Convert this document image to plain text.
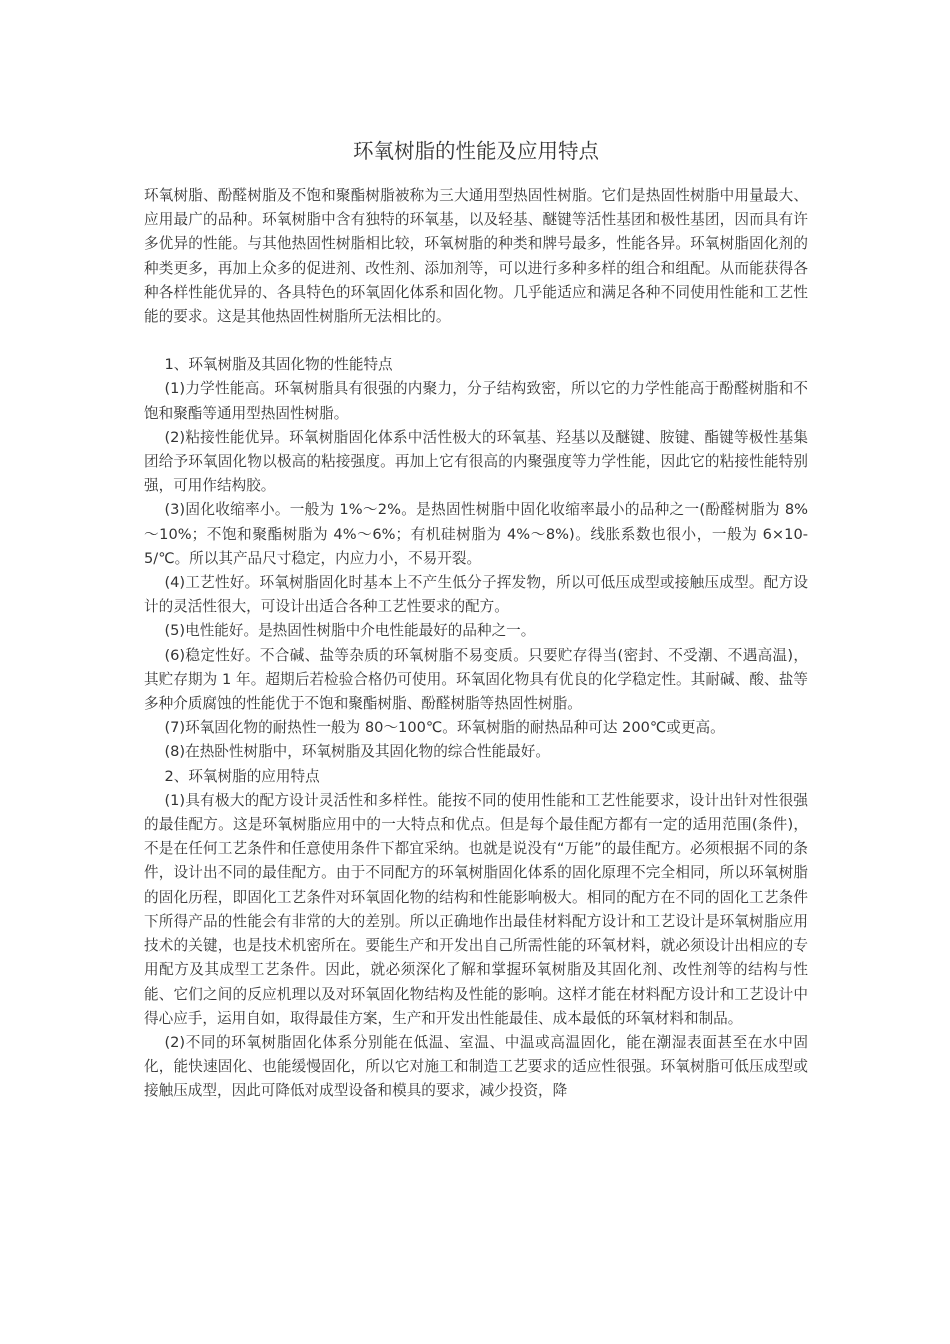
环氧树脂的性能及应用特点

环氧树脂、酚醛树脂及不饱和聚酯树脂被称为三大通用型热固性树脂。它们是热固性树脂中用量最大、应用最广的品种。环氧树脂中含有独特的环氧基，以及轻基、醚键等活性基团和极性基团，因而具有许多优异的性能。与其他热固性树脂相比较，环氧树脂的种类和牌号最多，性能各异。环氧树脂固化剂的种类更多，再加上众多的促进剂、改性剂、添加剂等，可以进行多种多样的组合和组配。从而能获得各种各样性能优异的、各具特色的环氧固化体系和固化物。几乎能适应和满足各种不同使用性能和工艺性能的要求。这是其他热固性树脂所无法相比的。

1、环氧树脂及其固化物的性能特点

(1)力学性能高。环氧树脂具有很强的内聚力，分子结构致密，所以它的力学性能高于酚醛树脂和不饱和聚酯等通用型热固性树脂。

(2)粘接性能优异。环氧树脂固化体系中活性极大的环氧基、羟基以及醚键、胺键、酯键等极性基集团给予环氧固化物以极高的粘接强度。再加上它有很高的内聚强度等力学性能，因此它的粘接性能特别强，可用作结构胶。

(3)固化收缩率小。一般为 1%～2%。是热固性树脂中固化收缩率最小的品种之一(酚醛树脂为 8%～10%；不饱和聚酯树脂为 4%～6%；有机硅树脂为 4%～8%)。线胀系数也很小，一般为 6×10-5/℃。所以其产品尺寸稳定，内应力小，不易开裂。

(4)工艺性好。环氧树脂固化时基本上不产生低分子挥发物，所以可低压成型或接触压成型。配方设计的灵活性很大，可设计出适合各种工艺性要求的配方。

(5)电性能好。是热固性树脂中介电性能最好的品种之一。

(6)稳定性好。不合碱、盐等杂质的环氧树脂不易变质。只要贮存得当(密封、不受潮、不遇高温)，其贮存期为 1 年。超期后若检验合格仍可使用。环氧固化物具有优良的化学稳定性。其耐碱、酸、盐等多种介质腐蚀的性能优于不饱和聚酯树脂、酚醛树脂等热固性树脂。

(7)环氧固化物的耐热性一般为 80～100℃。环氧树脂的耐热品种可达 200℃或更高。

(8)在热卧性树脂中，环氧树脂及其固化物的综合性能最好。

2、环氧树脂的应用特点

(1)具有极大的配方设计灵活性和多样性。能按不同的使用性能和工艺性能要求，设计出针对性很强的最佳配方。这是环氧树脂应用中的一大特点和优点。但是每个最佳配方都有一定的适用范围(条件)，不是在任何工艺条件和任意使用条件下都宜采纳。也就是说没有“万能”的最佳配方。必须根据不同的条件，设计出不同的最佳配方。由于不同配方的环氧树脂固化体系的固化原理不完全相同，所以环氧树脂的固化历程，即固化工艺条件对环氧固化物的结构和性能影响极大。相同的配方在不同的固化工艺条件下所得产品的性能会有非常的大的差别。所以正确地作出最佳材料配方设计和工艺设计是环氧树脂应用技术的关键，也是技术机密所在。要能生产和开发出自己所需性能的环氧材料，就必须设计出相应的专用配方及其成型工艺条件。因此，就必须深化了解和掌握环氧树脂及其固化剂、改性剂等的结构与性能、它们之间的反应机理以及对环氧固化物结构及性能的影响。这样才能在材料配方设计和工艺设计中得心应手，运用自如，取得最佳方案，生产和开发出性能最佳、成本最低的环氧材料和制品。

(2)不同的环氧树脂固化体系分别能在低温、室温、中温或高温固化，能在潮湿表面甚至在水中固化，能快速固化、也能缓慢固化，所以它对施工和制造工艺要求的适应性很强。环氧树脂可低压成型或接触压成型，因此可降低对成型设备和模具的要求，减少投资，降
